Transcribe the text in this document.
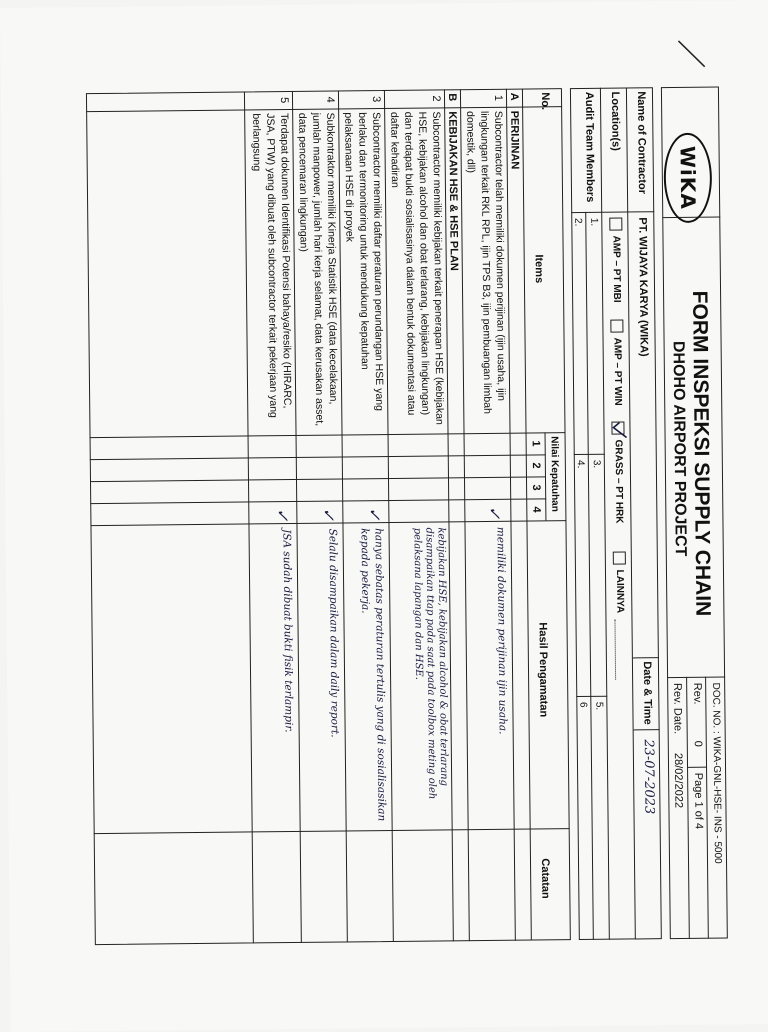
WiKA
FORM INSPEKSI SUPPLY CHAIN
DHOHO AIRPORT PROJECT
DOC. NO. : WIKA-GNL-HSE- INS - 5000
Rev.
0
Page 1 of 4
Rev. Date.
28/02/2022
Name of Contractor
PT. WIJAYA KARYA (WIKA)
Date & Time
23-07-2023
Location(s)
AMP – PT MBI
AMP – PT WIN
GRASS – PT HRK
LAINNYA
Audit Team Members
1.
2.
3.
4.
5.
6
No.
Items
Nilai Kepatuhan
1
2
3
4
Hasil Pengamatan
Catatan
A
PERIJINAN
1
Subcontractor telah memiliki dokumen perijinan (ijin usaha, ijin lingkungan terkait RKL RPL, ijin TPS B3, ijin pembuangan limbah domestik, dll)
✓
memiliki dokumen perijinan ijin usaha.
B
KEBIJAKAN HSE & HSE PLAN
2
Subcontractor memiliki kebijakan terkait penerapan HSE (kebijakan HSE, kebijakan alcohol dan obat terlarang, kebijakan lingkungan) dan terdapat bukti sosialisasinya dalam bentuk dokumentasi atau daftar kehadiran
kebijakan HSE, kebijakan alcohol & obat terlarang disampaikan ttap pada saat pada toolbox meting oleh pelaksana lapangan dan HSE.
3
Subcontractor memiliki daftar peraturan perundangan HSE yang berlaku dan termonitoring untuk mendukung kepatuhan pelaksanaan HSE di proyek
✓
hanya sebatas peraturan tertulis yang di sosialisasikan kepada pekerja.
4
Subkontraktor memiliki Kinerja Statistik HSE (data kecelakaan, jumlah manpower, jumlah hari kerja selamat, data kerusakan asset, data pencemaran lingkungan)
✓
Selalu disampaikan dalam daily report.
5
Terdapat dokumen Identifikasi Potensi bahaya/resiko (HIRARC, JSA, PTW) yang dibuat oleh subcontractor terkait pekerjaan yang berlangsung
✓
JSA sudah dibuat bukti fisik terlampir.
